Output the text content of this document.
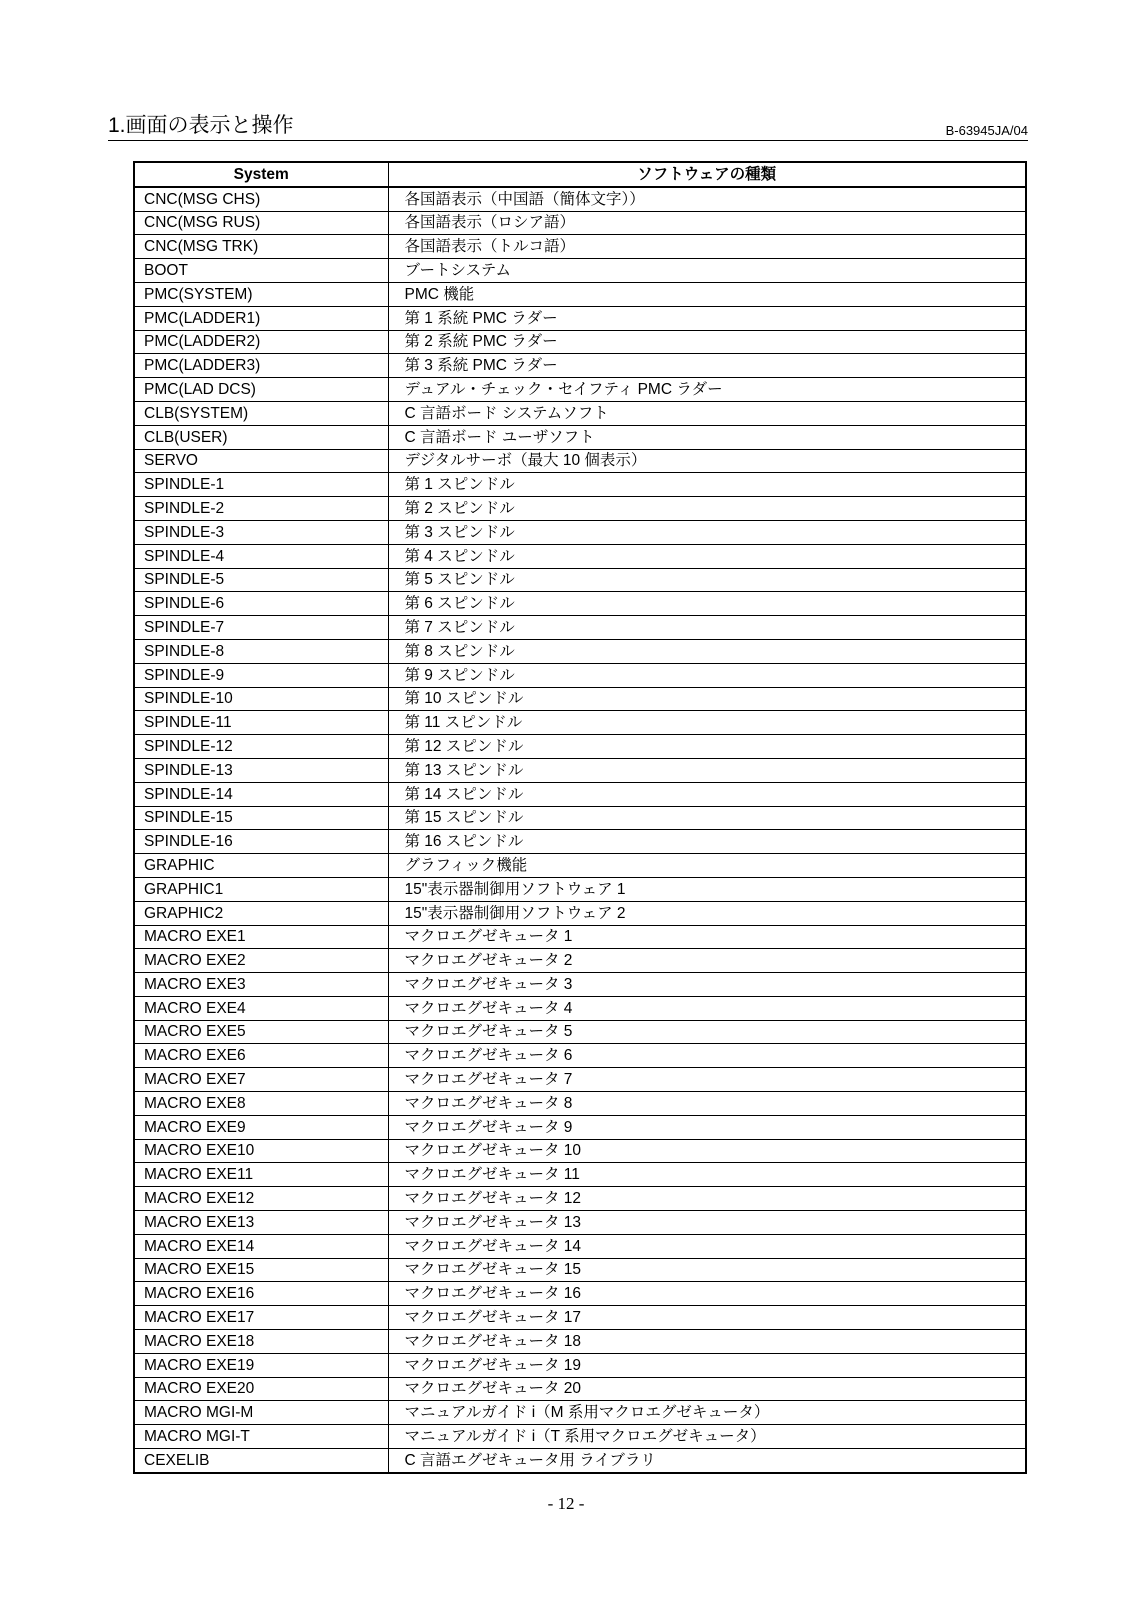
1.画面の表示と操作	B-63945JA/04
System	ソフトウェアの種類
CNC(MSG CHS)	各国語表示（中国語（簡体文字））
CNC(MSG RUS)	各国語表示（ロシア語）
CNC(MSG TRK)	各国語表示（トルコ語）
BOOT	ブートシステム
PMC(SYSTEM)	PMC 機能
PMC(LADDER1)	第 1 系統 PMC ラダー
PMC(LADDER2)	第 2 系統 PMC ラダー
PMC(LADDER3)	第 3 系統 PMC ラダー
PMC(LAD DCS)	デュアル・チェック・セイフティ PMC ラダー
CLB(SYSTEM)	C 言語ボード システムソフト
CLB(USER)	C 言語ボード ユーザソフト
SERVO	デジタルサーボ（最大 10 個表示）
SPINDLE-1	第 1 スピンドル
SPINDLE-2	第 2 スピンドル
SPINDLE-3	第 3 スピンドル
SPINDLE-4	第 4 スピンドル
SPINDLE-5	第 5 スピンドル
SPINDLE-6	第 6 スピンドル
SPINDLE-7	第 7 スピンドル
SPINDLE-8	第 8 スピンドル
SPINDLE-9	第 9 スピンドル
SPINDLE-10	第 10 スピンドル
SPINDLE-11	第 11 スピンドル
SPINDLE-12	第 12 スピンドル
SPINDLE-13	第 13 スピンドル
SPINDLE-14	第 14 スピンドル
SPINDLE-15	第 15 スピンドル
SPINDLE-16	第 16 スピンドル
GRAPHIC	グラフィック機能
GRAPHIC1	15"表示器制御用ソフトウェア 1
GRAPHIC2	15"表示器制御用ソフトウェア 2
MACRO EXE1	マクロエグゼキュータ 1
MACRO EXE2	マクロエグゼキュータ 2
MACRO EXE3	マクロエグゼキュータ 3
MACRO EXE4	マクロエグゼキュータ 4
MACRO EXE5	マクロエグゼキュータ 5
MACRO EXE6	マクロエグゼキュータ 6
MACRO EXE7	マクロエグゼキュータ 7
MACRO EXE8	マクロエグゼキュータ 8
MACRO EXE9	マクロエグゼキュータ 9
MACRO EXE10	マクロエグゼキュータ 10
MACRO EXE11	マクロエグゼキュータ 11
MACRO EXE12	マクロエグゼキュータ 12
MACRO EXE13	マクロエグゼキュータ 13
MACRO EXE14	マクロエグゼキュータ 14
MACRO EXE15	マクロエグゼキュータ 15
MACRO EXE16	マクロエグゼキュータ 16
MACRO EXE17	マクロエグゼキュータ 17
MACRO EXE18	マクロエグゼキュータ 18
MACRO EXE19	マクロエグゼキュータ 19
MACRO EXE20	マクロエグゼキュータ 20
MACRO MGI-M	マニュアルガイド i（M 系用マクロエグゼキュータ）
MACRO MGI-T	マニュアルガイド i（T 系用マクロエグゼキュータ）
CEXELIB	C 言語エグゼキュータ用 ライブラリ
- 12 -
